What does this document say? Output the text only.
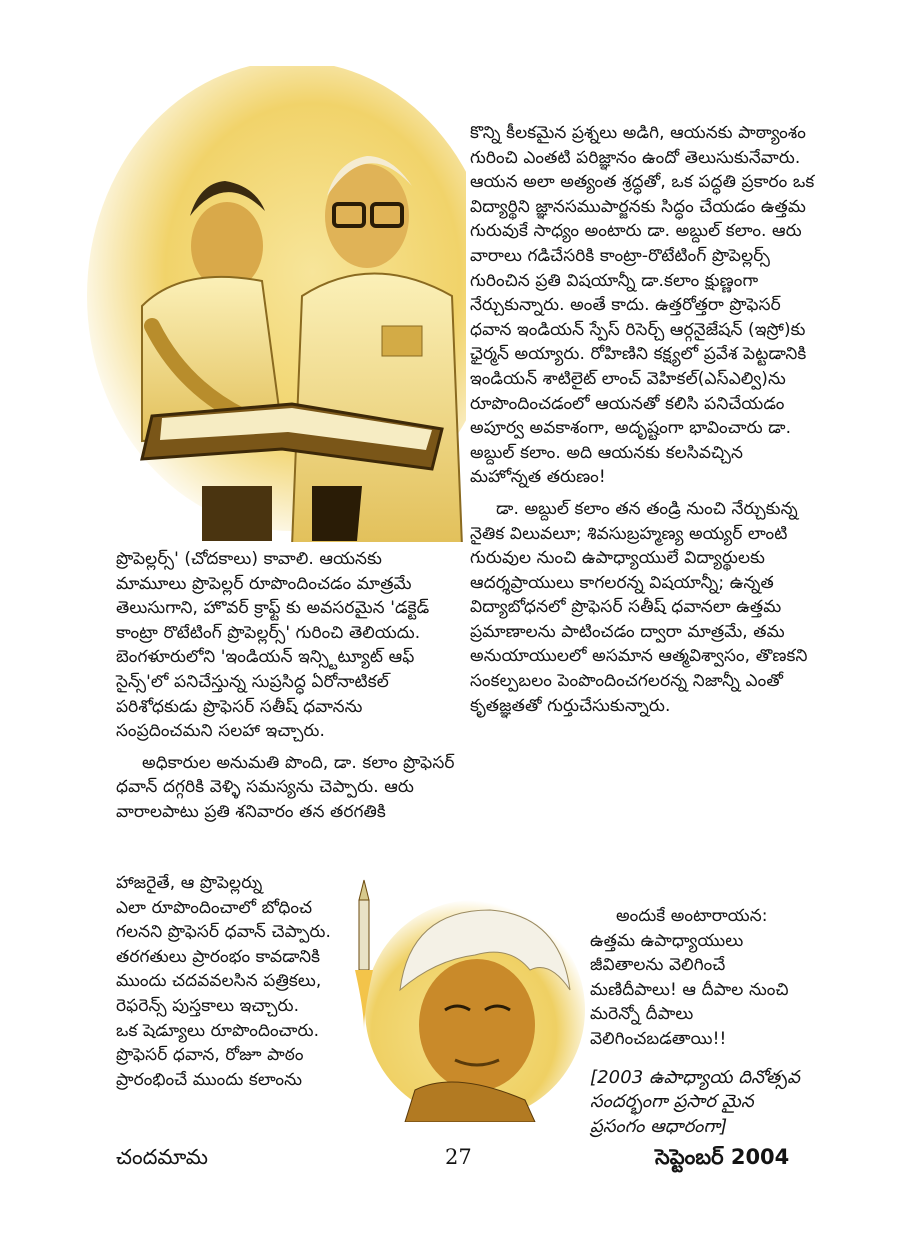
కొన్ని కీలకమైన ప్రశ్నలు అడిగి, ఆయనకు పాఠ్యాంశం గురించి ఎంతటి పరిజ్ఞానం ఉందో తెలుసుకునేవారు. ఆయన అలా అత్యంత శ్రద్ధతో, ఒక పద్ధతి ప్రకారం ఒక విద్యార్థిని జ్ఞానసముపార్జనకు సిద్ధం చేయడం ఉత్తమ గురువుకే సాధ్యం అంటారు డా. అబ్దుల్ కలాం. ఆరు వారాలు గడిచేసరికి కాంట్రా-రొటేటింగ్ ప్రొపెల్లర్స్ గురించిన ప్రతి విషయాన్నీ డా.కలాం క్షుణ్ణంగా నేర్చుకున్నారు. అంతే కాదు. ఉత్తరోత్తరా ప్రొఫెసర్ ధవాన ఇండియన్ స్పేస్ రిసెర్చ్ ఆర్గనైజేషన్ (ఇస్రో)కు ఛైర్మన్ అయ్యారు. రోహిణిని కక్ష్యలో ప్రవేశ పెట్టడానికి ఇండియన్ శాటిలైట్ లాంచ్ వెహికల్(ఎస్ఎల్వి)ను రూపొందించడంలో ఆయనతో కలిసి పనిచేయడం అపూర్వ అవకాశంగా, అదృష్టంగా భావించారు డా. అబ్దుల్ కలాం. అది ఆయనకు కలసివచ్చిన మహోన్నత తరుణం!

డా. అబ్దుల్ కలాం తన తండ్రి నుంచి నేర్చుకున్న నైతిక విలువలూ; శివసుబ్రహ్మణ్య అయ్యర్ లాంటి గురువుల నుంచి ఉపాధ్యాయులే విద్యార్థులకు ఆదర్శప్రాయులు కాగలరన్న విషయాన్నీ; ఉన్నత విద్యాబోధనలో ప్రొఫెసర్ సతీష్ ధవానలా ఉత్తమ ప్రమాణాలను పాటించడం ద్వారా మాత్రమే, తమ అనుయాయులలో అసమాన ఆత్మవిశ్వాసం, తొణకని సంకల్పబలం పెంపొందించగలరన్న నిజాన్నీ ఎంతో కృతజ్ఞతతో గుర్తుచేసుకున్నారు.

ప్రొపెల్లర్స్' (చోదకాలు) కావాలి. ఆయనకు మామూలు ప్రొపెల్లర్ రూపొందించడం మాత్రమే తెలుసుగాని, హొవర్ క్రాఫ్ట్ కు అవసరమైన 'డక్టెడ్ కాంట్రా రొటేటింగ్ ప్రొపెల్లర్స్' గురించి తెలియదు. బెంగళూరులోని 'ఇండియన్ ఇన్స్టిట్యూట్ ఆఫ్ సైన్స్'లో పనిచేస్తున్న సుప్రసిద్ధ ఏరోనాటికల్ పరిశోధకుడు ప్రొఫెసర్ సతీష్ ధవానను సంప్రదించమని సలహా ఇచ్చారు.

అధికారుల అనుమతి పొంది, డా. కలాం ప్రొఫెసర్ ధవాన్ దగ్గరికి వెళ్ళి సమస్యను చెప్పారు. ఆరు వారాలపాటు ప్రతి శనివారం తన తరగతికి

హాజరైతే, ఆ ప్రొపెల్లర్ను

ఎలా రూపొందించాలో బోధించ

గలనని ప్రొఫెసర్ ధవాన్ చెప్పారు.

తరగతులు ప్రారంభం కావడానికి

ముందు చదవవలసిన పత్రికలు,

రెఫరెన్స్ పుస్తకాలు ఇచ్చారు.

ఒక షెడ్యూలు రూపొందించారు.

ప్రొఫెసర్ ధవాన, రోజూ పాఠం

ప్రారంభించే ముందు కలాంను

అందుకే అంటారాయన: ఉత్తమ ఉపాధ్యాయులు జీవితాలను వెలిగించే మణిదీపాలు! ఆ దీపాల నుంచి మరెన్నో దీపాలు వెలిగించబడతాయి!!

[2003 ఉపాధ్యాయ దినోత్సవ సందర్భంగా ప్రసార మైన ప్రసంగం ఆధారంగా]

చందమామ	27	సెప్టెంబర్ 2004
